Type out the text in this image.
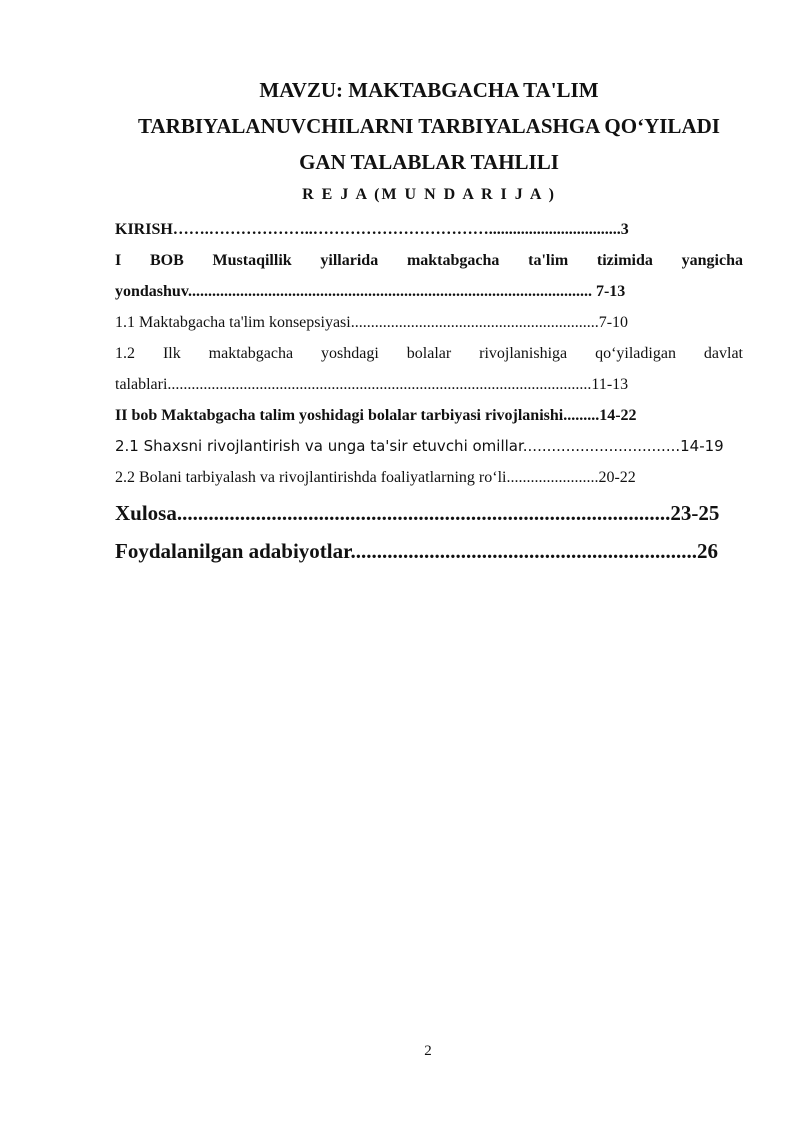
MAVZU: MAKTABGACHA TA'LIM

TARBIYALANUVCHILARNI TARBIYALASHGA QO‘YILADI

GAN TALABLAR TAHLILI

R E J A (M U N D A R I J A )
KIRISH…….………………..…………………………….................................3
I BOB Mustaqillik yillarida maktabgacha ta'lim tizimida yangicha
yondashuv..................................................................................................... 7-13
1.1 Maktabgacha ta'lim konsepsiyasi..............................................................7-10
1.2 Ilk maktabgacha yoshdagi bolalar rivojlanishiga qo‘yiladigan davlat
talablari..........................................................................................................11-13
II bob Maktabgacha talim yoshidagi bolalar tarbiyasi rivojlanishi.........14-22
2.1 Shaxsni rivojlantirish va unga ta'sir etuvchi omillar.................................14-19
2.2 Bolani tarbiyalash va rivojlantirishda foaliyatlarning ro‘li.......................20-22
Xulosa..............................................................................................23-25
Foydalanilgan adabiyotlar..................................................................26
2
